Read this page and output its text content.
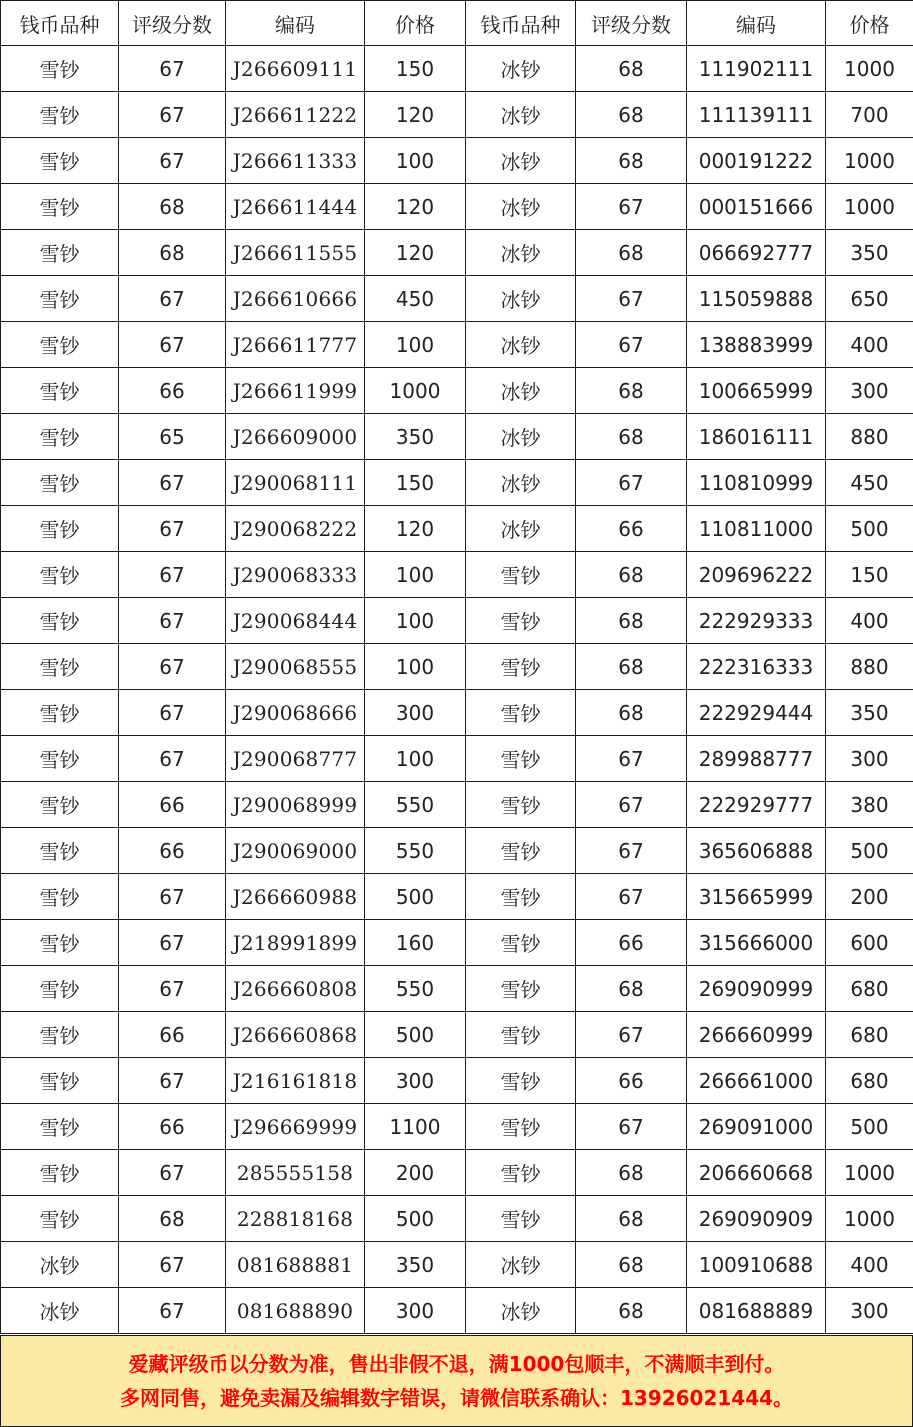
钱币品种	评级分数	编码	价格	钱币品种	评级分数	编码	价格
雪钞	67	J266609111	150	冰钞	68	111902111	1000
雪钞	67	J266611222	120	冰钞	68	111139111	700
雪钞	67	J266611333	100	冰钞	68	000191222	1000
雪钞	68	J266611444	120	冰钞	67	000151666	1000
雪钞	68	J266611555	120	冰钞	68	066692777	350
雪钞	67	J266610666	450	冰钞	67	115059888	650
雪钞	67	J266611777	100	冰钞	67	138883999	400
雪钞	66	J266611999	1000	冰钞	68	100665999	300
雪钞	65	J266609000	350	冰钞	68	186016111	880
雪钞	67	J290068111	150	冰钞	67	110810999	450
雪钞	67	J290068222	120	冰钞	66	110811000	500
雪钞	67	J290068333	100	雪钞	68	209696222	150
雪钞	67	J290068444	100	雪钞	68	222929333	400
雪钞	67	J290068555	100	雪钞	68	222316333	880
雪钞	67	J290068666	300	雪钞	68	222929444	350
雪钞	67	J290068777	100	雪钞	67	289988777	300
雪钞	66	J290068999	550	雪钞	67	222929777	380
雪钞	66	J290069000	550	雪钞	67	365606888	500
雪钞	67	J266660988	500	雪钞	67	315665999	200
雪钞	67	J218991899	160	雪钞	66	315666000	600
雪钞	67	J266660808	550	雪钞	68	269090999	680
雪钞	66	J266660868	500	雪钞	67	266660999	680
雪钞	67	J216161818	300	雪钞	66	266661000	680
雪钞	66	J296669999	1100	雪钞	67	269091000	500
雪钞	67	285555158	200	雪钞	68	206660668	1000
雪钞	68	228818168	500	雪钞	68	269090909	1000
冰钞	67	081688881	350	冰钞	68	100910688	400
冰钞	67	081688890	300	冰钞	68	081688889	300
爱藏评级币以分数为准，售出非假不退，满1000包顺丰，不满顺丰到付。
多网同售，避免卖漏及编辑数字错误，请微信联系确认：13926021444。
